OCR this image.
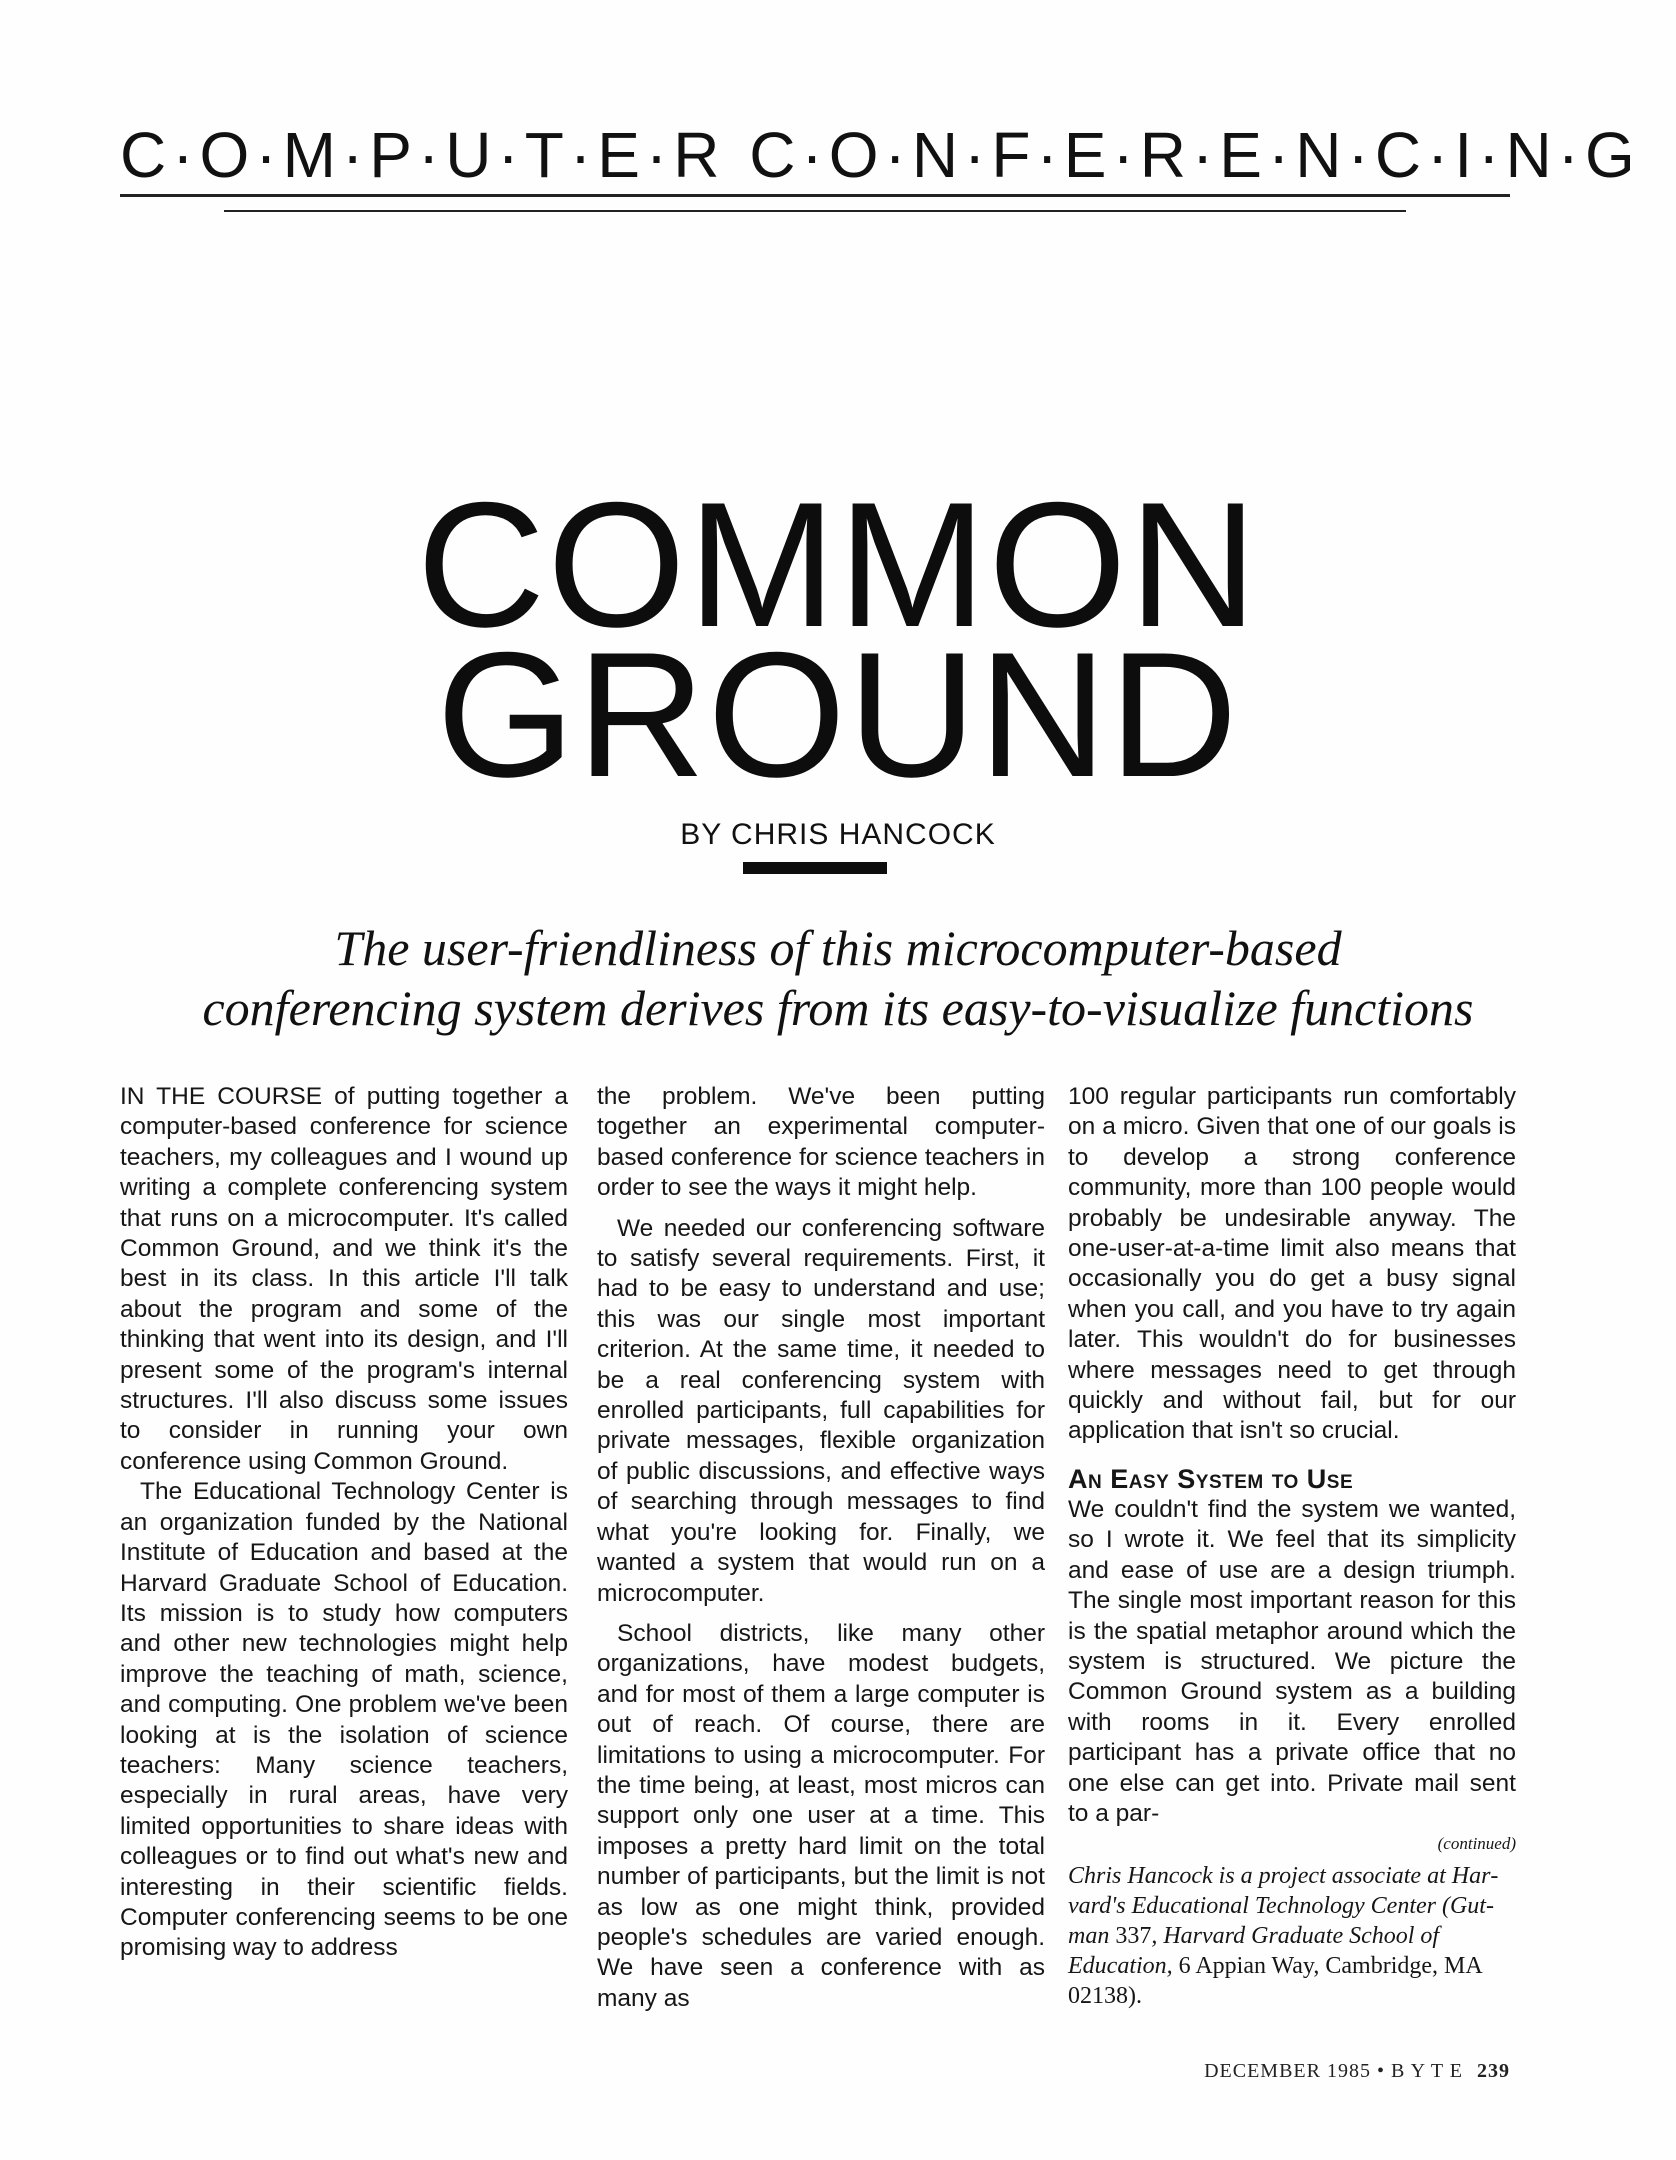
C·O·M·P·U·T·E·R C·O·N·F·E·R·E·N·C·I·N·G
COMMON
GROUND
BY CHRIS HANCOCK
The user-friendliness of this microcomputer-based
conferencing system derives from its easy-to-visualize functions

IN THE COURSE of putting together a computer-based conference for science teachers, my colleagues and I wound up writing a complete conferencing system that runs on a microcomputer. It's called Common Ground, and we think it's the best in its class. In this article I'll talk about the program and some of the thinking that went into its design, and I'll present some of the program's internal structures. I'll also discuss some issues to consider in running your own conference using Common Ground.

The Educational Technology Center is an organization funded by the National Institute of Education and based at the Harvard Graduate School of Education. Its mission is to study how computers and other new technologies might help improve the teaching of math, science, and computing. One problem we've been looking at is the isolation of science teachers: Many science teachers, especially in rural areas, have very limited opportunities to share ideas with colleagues or to find out what's new and interesting in their scientific fields. Computer conferencing seems to be one promising way to address

the problem. We've been putting together an experimental computer-based conference for science teachers in order to see the ways it might help.

We needed our conferencing software to satisfy several requirements. First, it had to be easy to understand and use; this was our single most important criterion. At the same time, it needed to be a real conferencing system with enrolled participants, full capabilities for private messages, flexible organization of public discussions, and effective ways of searching through messages to find what you're looking for. Finally, we wanted a system that would run on a microcomputer.

School districts, like many other organizations, have modest budgets, and for most of them a large computer is out of reach. Of course, there are limitations to using a microcomputer. For the time being, at least, most micros can support only one user at a time. This imposes a pretty hard limit on the total number of participants, but the limit is not as low as one might think, provided people's schedules are varied enough. We have seen a conference with as many as

100 regular participants run comfortably on a micro. Given that one of our goals is to develop a strong conference community, more than 100 people would probably be undesirable anyway. The one-user-at-a-time limit also means that occasionally you do get a busy signal when you call, and you have to try again later. This wouldn't do for businesses where messages need to get through quickly and without fail, but for our application that isn't so crucial.

An Easy System to Use

We couldn't find the system we wanted, so I wrote it. We feel that its simplicity and ease of use are a design triumph. The single most important reason for this is the spatial metaphor around which the system is structured. We picture the Common Ground system as a building with rooms in it. Every enrolled participant has a private office that no one else can get into. Private mail sent to a par-

(continued)
Chris Hancock is a project associate at Harvard's Educational Technology Center (Gutman 337, Harvard Graduate School of Education, 6 Appian Way, Cambridge, MA 02138).
DECEMBER 1985 • B Y T E 239
